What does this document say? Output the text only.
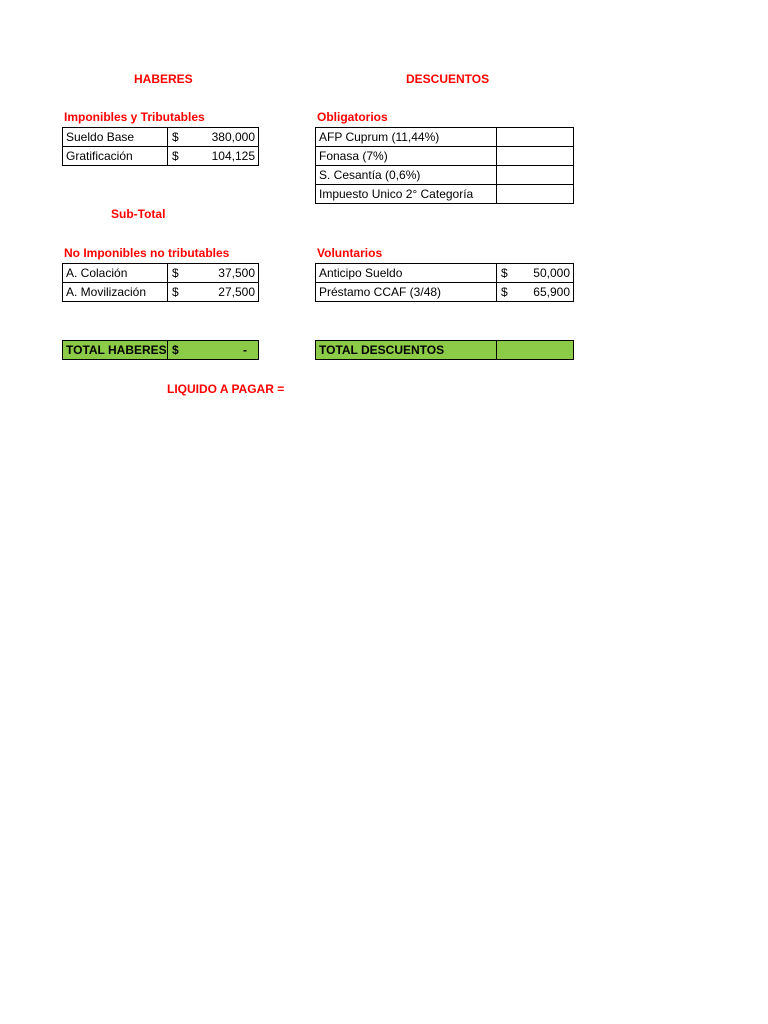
HABERES	DESCUENTOS
Imponibles y Tributables
Sueldo Base	$ 380,000

Gratificación	$ 104,125
Sub-Total
No Imponibles no tributables
A. Colación	$ 37,500

A. Movilización	$ 27,500
TOTAL HABERES	$	-
Obligatorios
AFP Cuprum (11,44%)	
Fonasa (7%)	
S. Cesantía (0,6%)	
Impuesto Unico 2° Categoría	
Voluntarios
Anticipo Sueldo	$ 50,000

Préstamo CCAF (3/48)	$ 65,900
TOTAL DESCUENTOS	
LIQUIDO A PAGAR =
